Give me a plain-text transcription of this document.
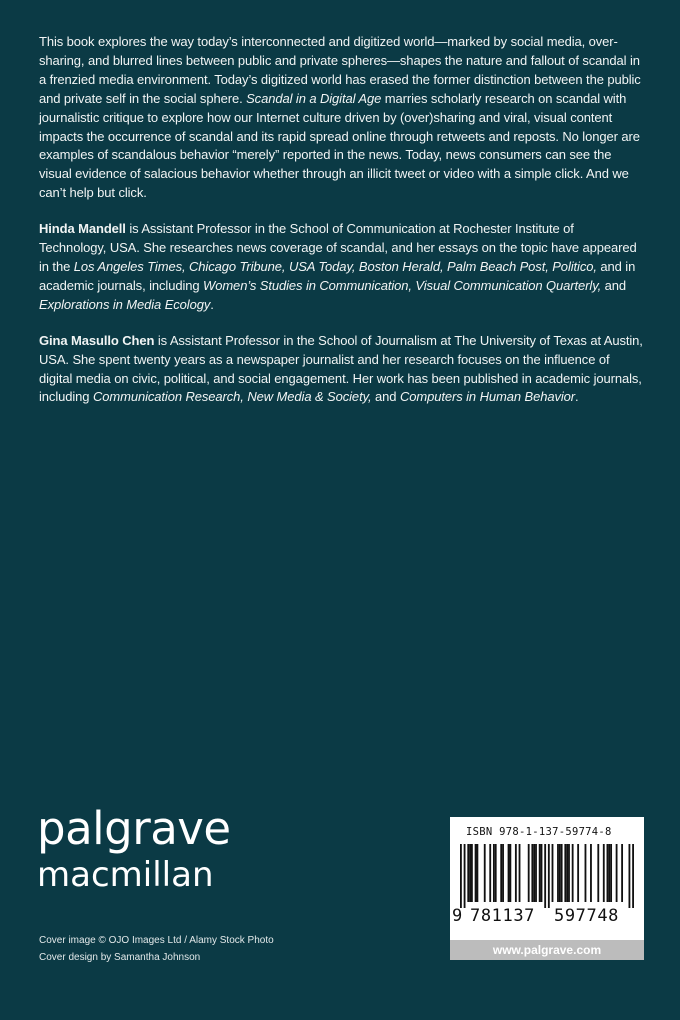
This book explores the way today’s interconnected and digitized world—marked by social media, over-sharing, and blurred lines between public and private spheres—shapes the nature and fallout of scandal in a frenzied media environment. Today’s digitized world has erased the former distinction between the public and private self in the social sphere. Scandal in a Digital Age marries scholarly research on scandal with journalistic critique to explore how our Internet culture driven by (over)sharing and viral, visual content impacts the occurrence of scandal and its rapid spread online through retweets and reposts. No longer are examples of scandalous behavior “merely” reported in the news. Today, news consumers can see the visual evidence of salacious behavior whether through an illicit tweet or video with a simple click. And we can’t help but click.

Hinda Mandell is Assistant Professor in the School of Communication at Rochester Institute of Technology, USA. She researches news coverage of scandal, and her essays on the topic have appeared in the Los Angeles Times, Chicago Tribune, USA Today, Boston Herald, Palm Beach Post, Politico, and in academic journals, including Women’s Studies in Communication, Visual Communication Quarterly, and Explorations in Media Ecology.

Gina Masullo Chen is Assistant Professor in the School of Journalism at The University of Texas at Austin, USA. She spent twenty years as a newspaper journalist and her research focuses on the influence of digital media on civic, political, and social engagement. Her work has been published in academic journals, including Communication Research, New Media & Society, and Computers in Human Behavior.

palgrave
macmillan
Cover image © OJO Images Ltd / Alamy Stock Photo
Cover design by Samantha Johnson
ISBN 978-1-137-59774-8
9 781137 597748
www.palgrave.com
